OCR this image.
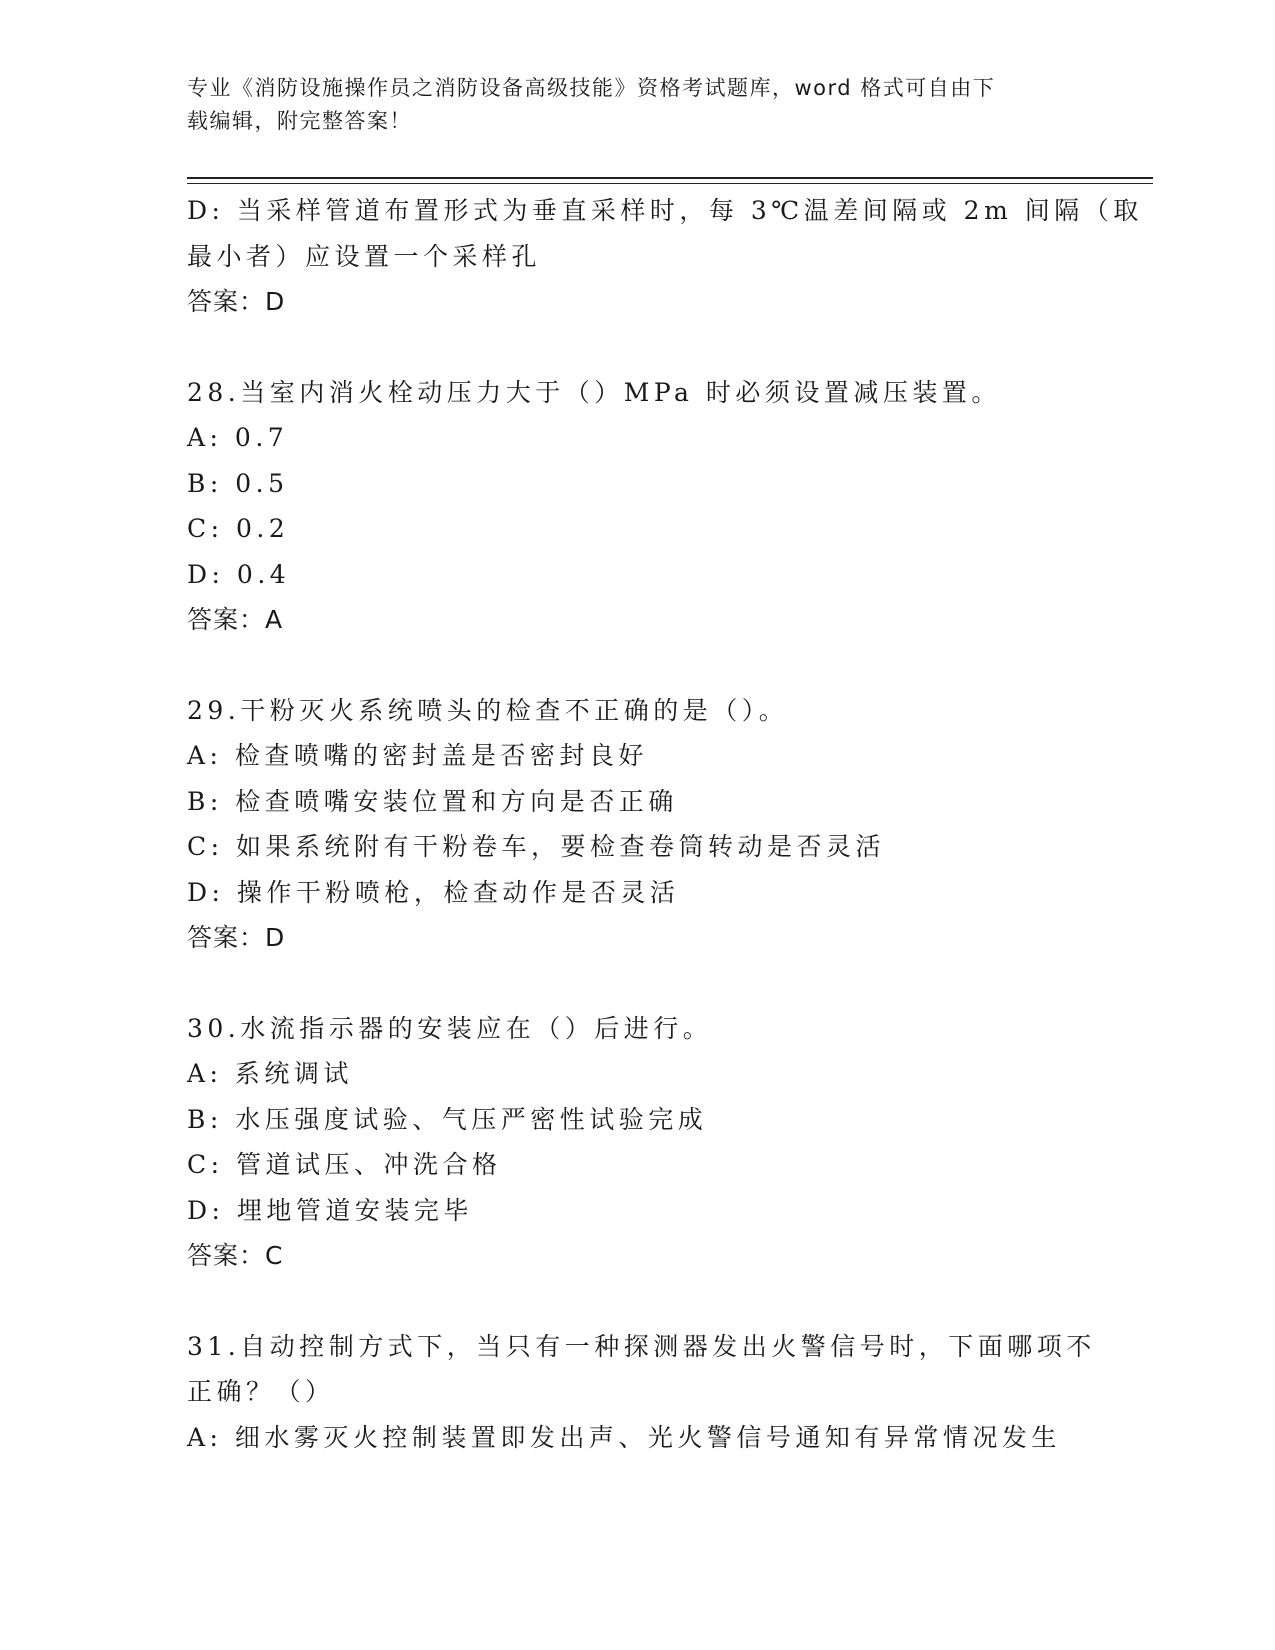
专业《消防设施操作员之消防设备高级技能》资格考试题库，word 格式可自由下
载编辑，附完整答案！
D: 当采样管道布置形式为垂直采样时，每 3℃温差间隔或 2m 间隔（取
最小者）应设置一个采样孔
答案：D
28.当室内消火栓动压力大于（）MPa 时必须设置减压装置。
A: 0.7
B: 0.5
C: 0.2
D: 0.4
答案：A
29.干粉灭火系统喷头的检查不正确的是（）。
A: 检查喷嘴的密封盖是否密封良好
B: 检查喷嘴安装位置和方向是否正确
C: 如果系统附有干粉卷车，要检查卷筒转动是否灵活
D: 操作干粉喷枪，检查动作是否灵活
答案：D
30.水流指示器的安装应在（）后进行。
A: 系统调试
B: 水压强度试验、气压严密性试验完成
C: 管道试压、冲洗合格
D: 埋地管道安装完毕
答案：C
31.自动控制方式下，当只有一种探测器发出火警信号时，下面哪项不
正确？（）
A: 细水雾灭火控制装置即发出声、光火警信号通知有异常情况发生
